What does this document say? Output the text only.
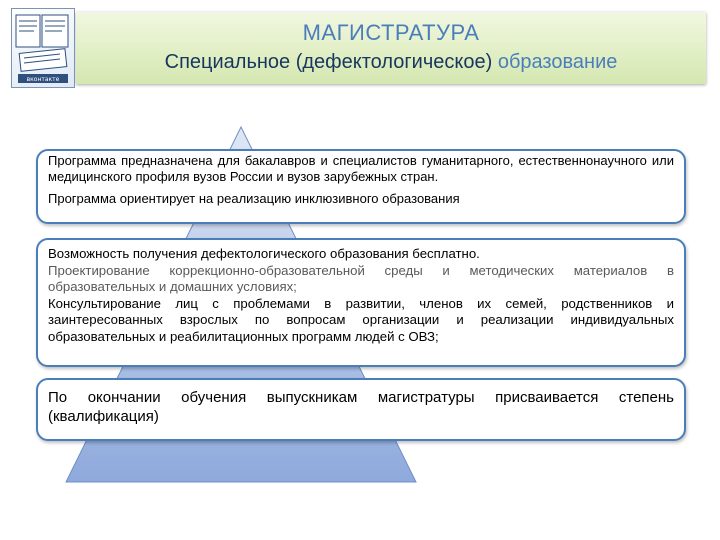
вконтакте
МАГИСТРАТУРА
Специальное (дефектологическое) образование

Программа предназначена для бакалавров и специалистов гуманитарного, естественнонаучного или медицинского профиля вузов России и вузов зарубежных стран.

Программа ориентирует на реализацию инклюзивного образования

Возможность получения дефектологического образования бесплатно.

Проектирование коррекционно-образовательной среды и методических материалов в образовательных и домашних условиях;

Консультирование лиц с проблемами в развитии, членов их семей, родственников и заинтересованных взрослых по вопросам организации и реализации индивидуальных образовательных и реабилитационных программ людей с ОВЗ;

По окончании обучения выпускникам магистратуры присваивается степень (квалификация)
